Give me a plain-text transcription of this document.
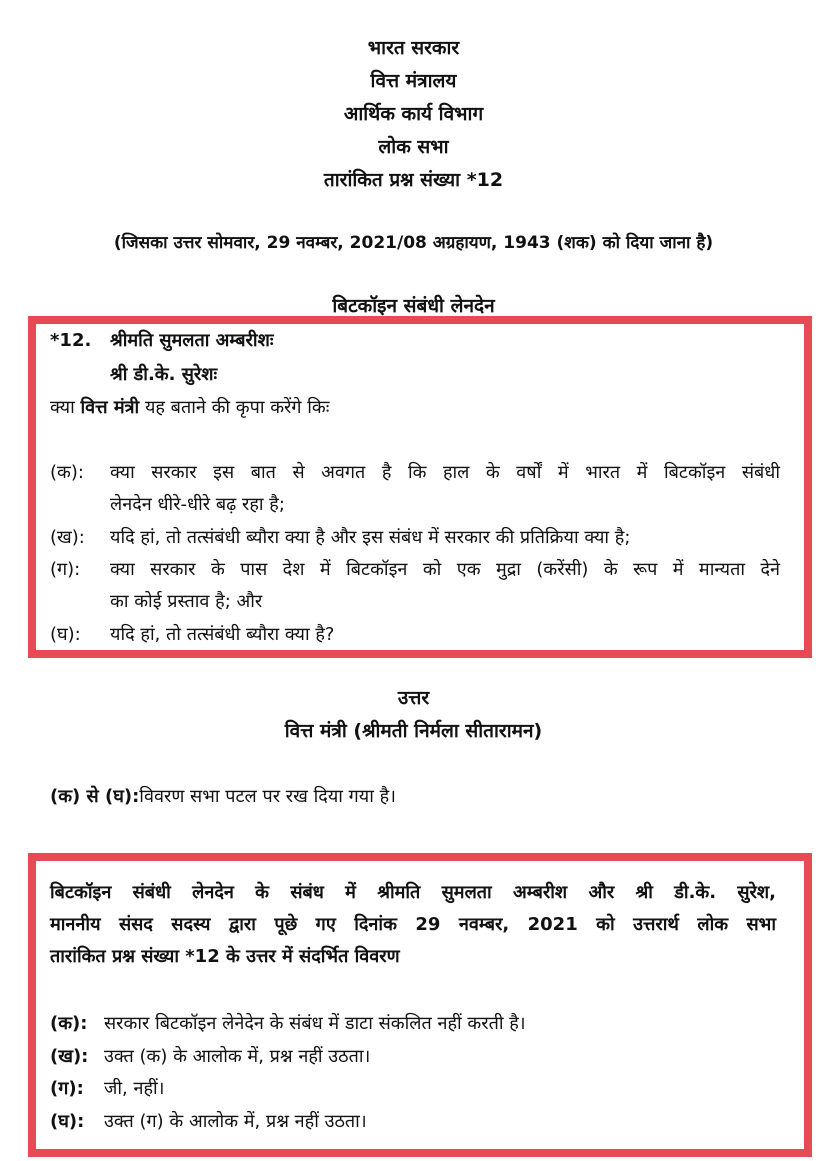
भारत सरकार
वित्त मंत्रालय
आर्थिक कार्य विभाग
लोक सभा
तारांकित प्रश्न संख्या *12
(जिसका उत्तर सोमवार, 29 नवम्बर, 2021/08 अग्रहायण, 1943 (शक) को दिया जाना है)
बिटकॉइन संबंधी लेनदेन
*12. श्रीमति सुमलता अम्बरीशः
श्री डी.के. सुरेशः
क्या वित्त मंत्री यह बताने की कृपा करेंगे किः
(क): क्या सरकार इस बात से अवगत है कि हाल के वर्षों में भारत में बिटकॉइन संबंधी
लेनदेन धीरे-धीरे बढ़ रहा है;
(ख): यदि हां, तो तत्संबंधी ब्यौरा क्या है और इस संबंध में सरकार की प्रतिक्रिया क्या है;
(ग): क्या सरकार के पास देश में बिटकॉइन को एक मुद्रा (करेंसी) के रूप में मान्यता देने
का कोई प्रस्ताव है; और
(घ): यदि हां, तो तत्संबंधी ब्यौरा क्या है?
उत्तर
वित्त मंत्री (श्रीमती निर्मला सीतारामन)
(क) से (घ):विवरण सभा पटल पर रख दिया गया है।
बिटकॉइन संबंधी लेनदेन के संबंध में श्रीमति सुमलता अम्बरीश और श्री डी.के. सुरेश,
माननीय संसद सदस्य द्वारा पूछे गए दिनांक 29 नवम्बर, 2021 को उत्तरार्थ लोक सभा
तारांकित प्रश्न संख्या *12 के उत्तर में संदर्भित विवरण
(क): सरकार बिटकॉइन लेनेदेन के संबंध में डाटा संकलित नहीं करती है।
(ख): उक्त (क) के आलोक में, प्रश्न नहीं उठता।
(ग): जी, नहीं।
(घ): उक्त (ग) के आलोक में, प्रश्न नहीं उठता।
